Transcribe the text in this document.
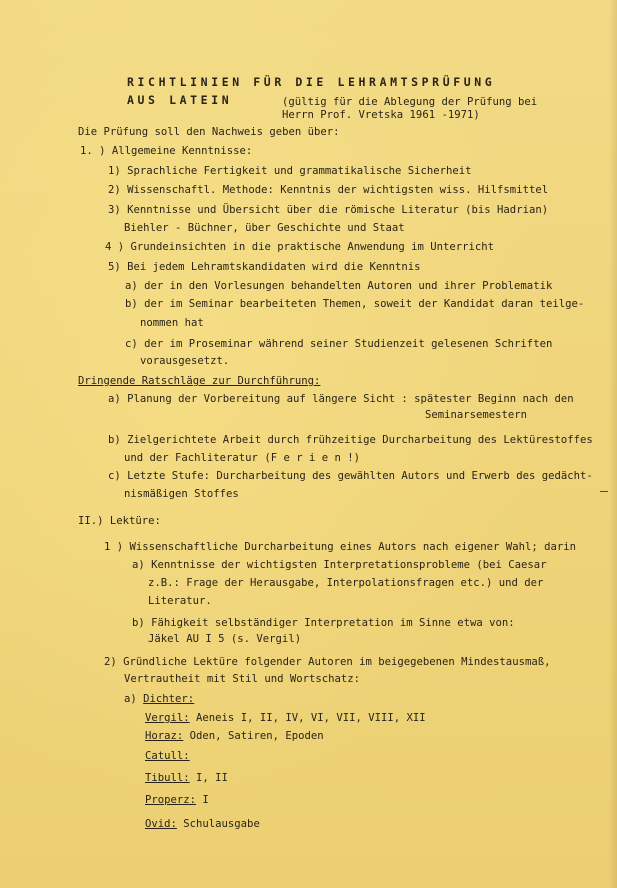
RICHTLINIEN FÜR DIE LEHRAMTSPRÜFUNG
AUS LATEIN	(gültig für die Ablegung der Prüfung bei
Herrn Prof. Vretska 1961 -1971)
Die Prüfung soll den Nachweis geben über:
1. ) Allgemeine Kenntnisse:
1) Sprachliche Fertigkeit und grammatikalische Sicherheit
2) Wissenschaftl. Methode: Kenntnis der wichtigsten wiss. Hilfsmittel
3) Kenntnisse und Übersicht über die römische Literatur (bis Hadrian)
Biehler - Büchner, über Geschichte und Staat
4 ) Grundeinsichten in die praktische Anwendung im Unterricht
5) Bei jedem Lehramtskandidaten wird die Kenntnis
a) der in den Vorlesungen behandelten Autoren und ihrer Problematik
b) der im Seminar bearbeiteten Themen, soweit der Kandidat daran teilge-
nommen hat
c) der im Proseminar während seiner Studienzeit gelesenen Schriften
vorausgesetzt.
Dringende Ratschläge zur Durchführung:
a) Planung der Vorbereitung auf längere Sicht : spätester Beginn nach den
Seminarsemestern
b) Zielgerichtete Arbeit durch frühzeitige Durcharbeitung des Lektürestoffes
und der Fachliteratur (F e r i e n !)
c) Letzte Stufe: Durcharbeitung des gewählten Autors und Erwerb des gedächt-
nismäßigen Stoffes
II.) Lektüre:
1 ) Wissenschaftliche Durcharbeitung eines Autors nach eigener Wahl; darin
a) Kenntnisse der wichtigsten Interpretationsprobleme (bei Caesar
z.B.: Frage der Herausgabe, Interpolationsfragen etc.) und der
Literatur.
b) Fähigkeit selbständiger Interpretation im Sinne etwa von:
Jäkel AU I 5 (s. Vergil)
2) Gründliche Lektüre folgender Autoren im beigegebenen Mindestausmaß,
Vertrautheit mit Stil und Wortschatz:
a) Dichter:
Vergil: Aeneis I, II, IV, VI, VII, VIII, XII
Horaz: Oden, Satiren, Epoden
Catull:
Tibull: I, II
Properz: I
Ovid: Schulausgabe
